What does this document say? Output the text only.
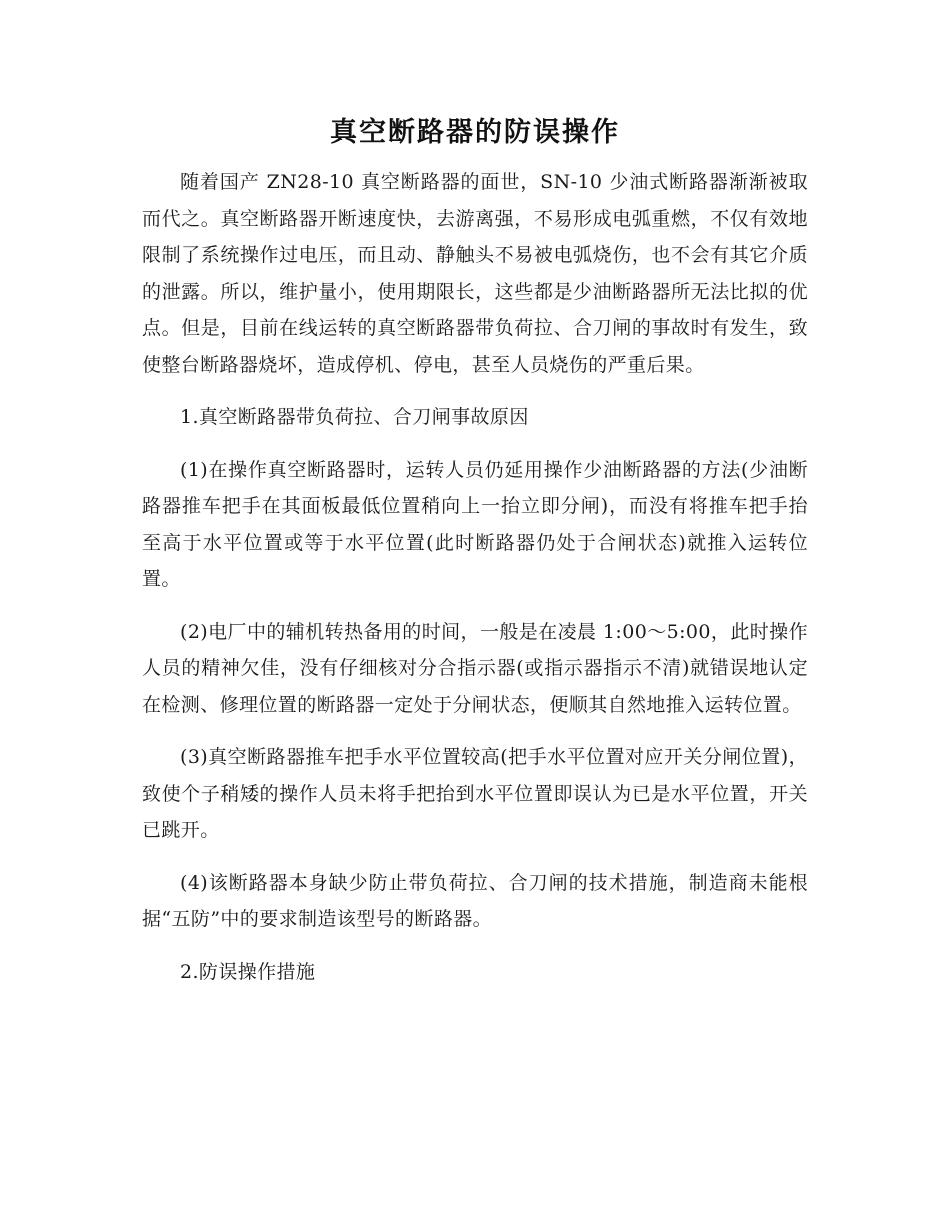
真空断路器的防误操作

随着国产 ZN28-10 真空断路器的面世，SN-10 少油式断路器渐渐被取而代之。真空断路器开断速度快，去游离强，不易形成电弧重燃，不仅有效地限制了系统操作过电压，而且动、静触头不易被电弧烧伤，也不会有其它介质的泄露。所以，维护量小，使用期限长，这些都是少油断路器所无法比拟的优点。但是，目前在线运转的真空断路器带负荷拉、合刀闸的事故时有发生，致使整台断路器烧坏，造成停机、停电，甚至人员烧伤的严重后果。

1.真空断路器带负荷拉、合刀闸事故原因

(1)在操作真空断路器时，运转人员仍延用操作少油断路器的方法(少油断路器推车把手在其面板最低位置稍向上一抬立即分闸)，而没有将推车把手抬至高于水平位置或等于水平位置(此时断路器仍处于合闸状态)就推入运转位置。

(2)电厂中的辅机转热备用的时间，一般是在凌晨 1:00～5:00，此时操作人员的精神欠佳，没有仔细核对分合指示器(或指示器指示不清)就错误地认定在检测、修理位置的断路器一定处于分闸状态，便顺其自然地推入运转位置。

(3)真空断路器推车把手水平位置较高(把手水平位置对应开关分闸位置)，致使个子稍矮的操作人员未将手把抬到水平位置即误认为已是水平位置，开关已跳开。

(4)该断路器本身缺少防止带负荷拉、合刀闸的技术措施，制造商未能根据“五防”中的要求制造该型号的断路器。

2.防误操作措施
